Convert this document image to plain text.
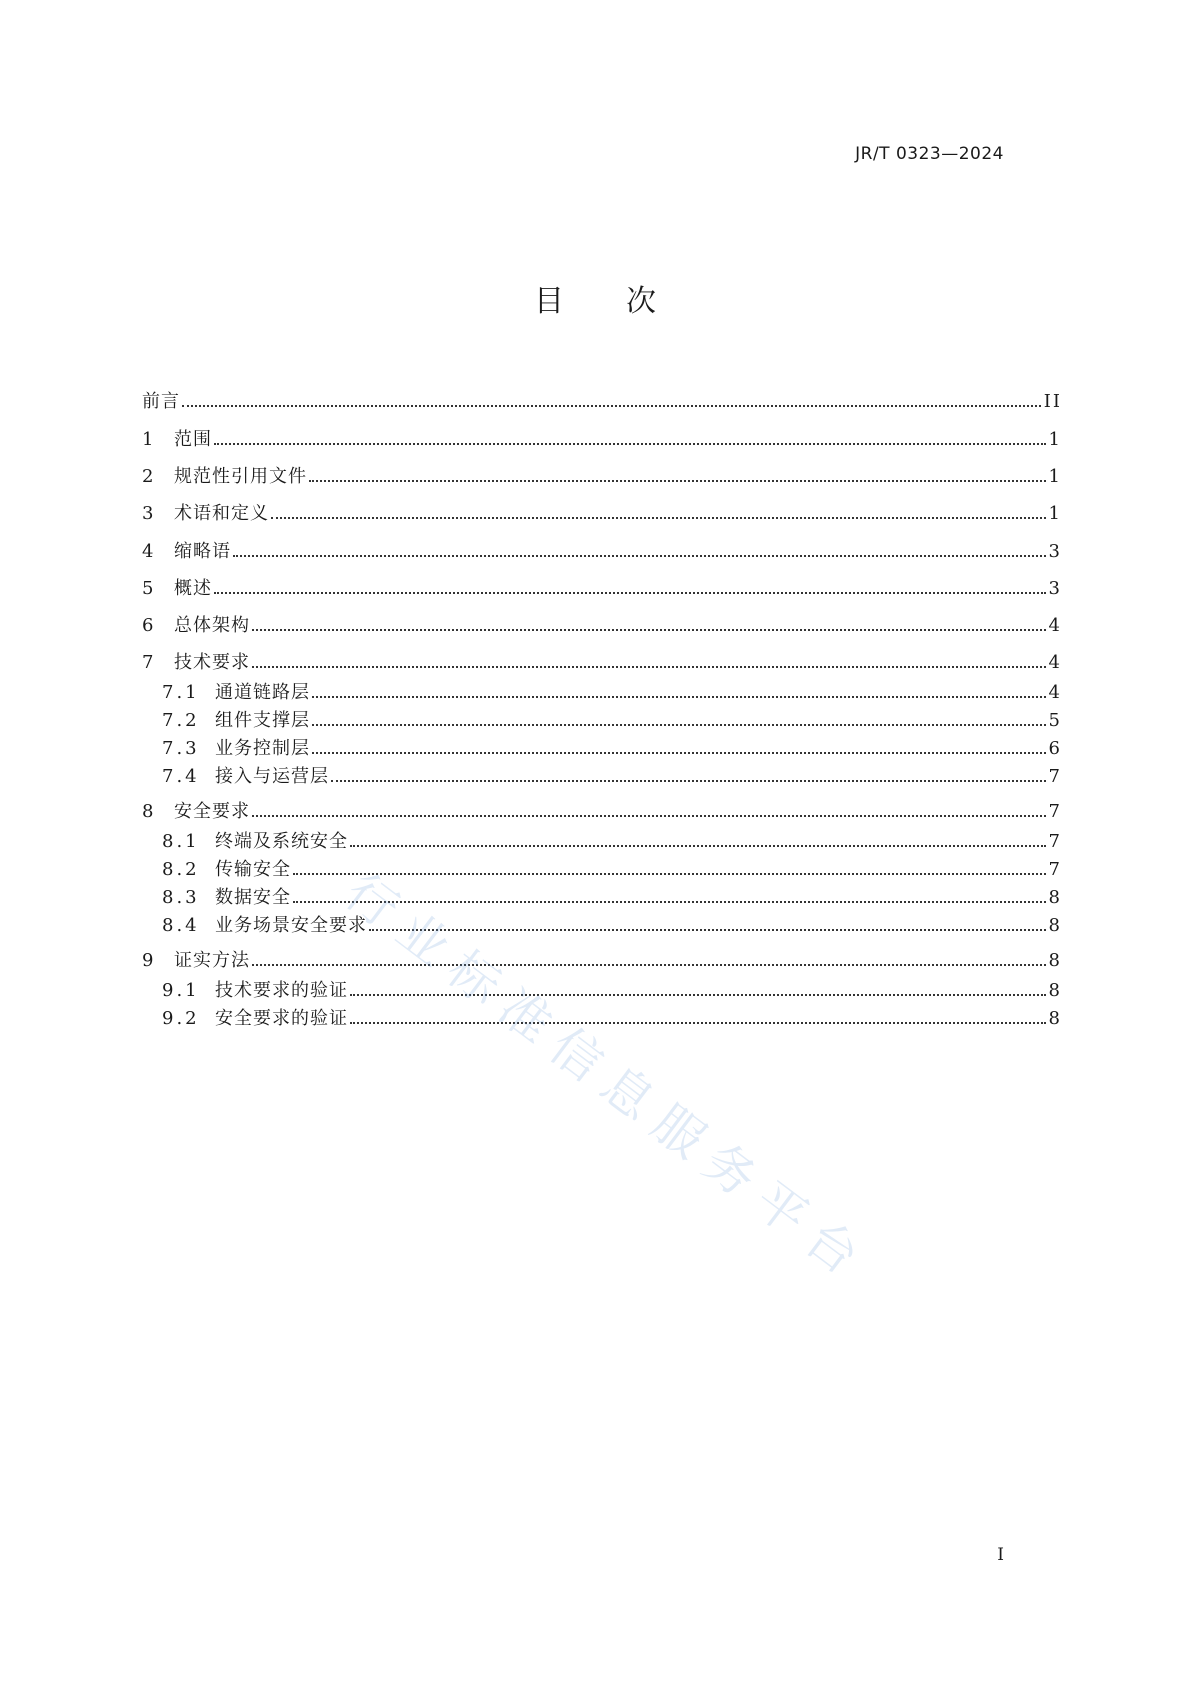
JR/T 0323—2024
目次
前言	II
1	范围	1
2	规范性引用文件	1
3	术语和定义	1
4	缩略语	3
5	概述	3
6	总体架构	4
7	技术要求	4
7.1 通道链路层	4
7.2 组件支撑层	5
7.3 业务控制层	6
7.4 接入与运营层	7
8	安全要求	7
8.1 终端及系统安全	7
8.2 传输安全	7
8.3 数据安全	8
8.4 业务场景安全要求	8
9	证实方法	8
9.1 技术要求的验证	8
9.2 安全要求的验证	8
行业标准信息服务平台
I
